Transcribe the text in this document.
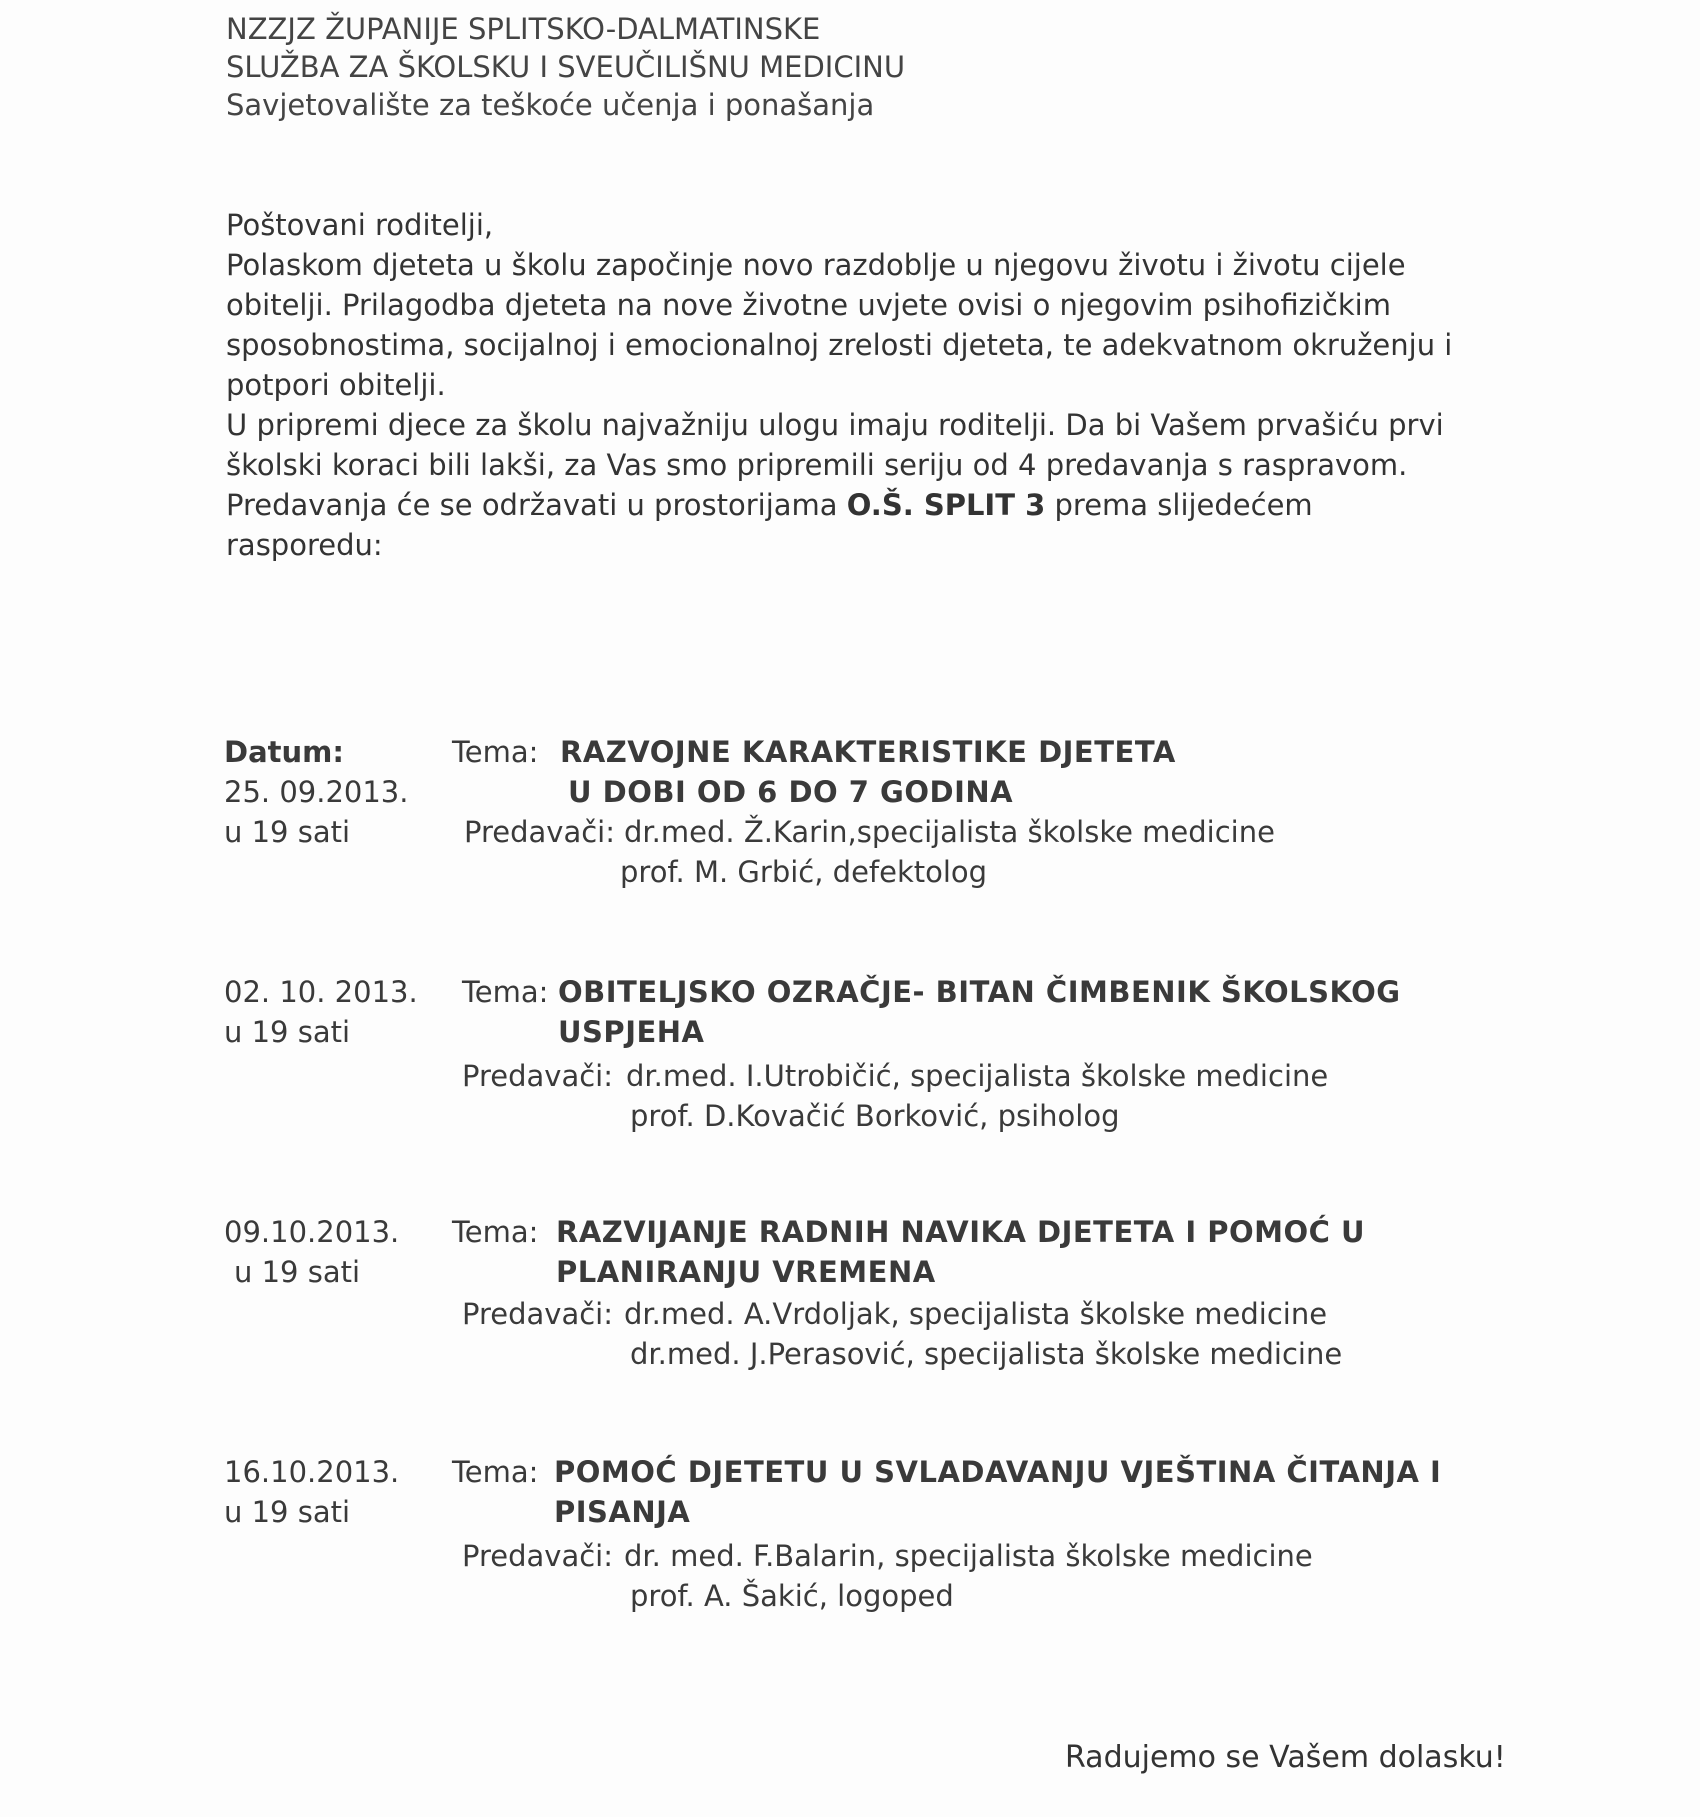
NZZJZ ŽUPANIJE SPLITSKO-DALMATINSKE
SLUŽBA ZA ŠKOLSKU I SVEUČILIŠNU MEDICINU
Savjetovalište za teškoće učenja i ponašanja

Poštovani roditelji,

Polaskom djeteta u školu započinje novo razdoblje u njegovu životu i životu cijele

obitelji. Prilagodba djeteta na nove životne uvjete ovisi o njegovim psihofizičkim

sposobnostima, socijalnoj i emocionalnoj zrelosti djeteta, te adekvatnom okruženju i

potpori obitelji.

U pripremi djece za školu najvažniju ulogu imaju roditelji. Da bi Vašem prvašiću prvi

školski koraci bili lakši, za Vas smo pripremili seriju od 4 predavanja s raspravom.

Predavanja će se održavati u prostorijama O.Š. SPLIT 3 prema slijedećem

rasporedu:

Datum:
25. 09.2013.
u 19 sati
Tema: RAZVOJNE KARAKTERISTIKE DJETETA
U DOBI OD 6 DO 7 GODINA
Predavači: dr.med. Ž.Karin,specijalista školske medicine
prof. M. Grbić, defektolog
02. 10. 2013.
u 19 sati
Tema: OBITELJSKO OZRAČJE- BITAN ČIMBENIK ŠKOLSKOG
USPJEHA
Predavači: dr.med. I.Utrobičić, specijalista školske medicine
prof. D.Kovačić Borković, psiholog
09.10.2013.
u 19 sati
Tema: RAZVIJANJE RADNIH NAVIKA DJETETA I POMOĆ U
PLANIRANJU VREMENA
Predavači: dr.med. A.Vrdoljak, specijalista školske medicine
dr.med. J.Perasović, specijalista školske medicine
16.10.2013.
u 19 sati
Tema: POMOĆ DJETETU U SVLADAVANJU VJEŠTINA ČITANJA I
PISANJA
Predavači: dr. med. F.Balarin, specijalista školske medicine
prof. A. Šakić, logoped
Radujemo se Vašem dolasku!
